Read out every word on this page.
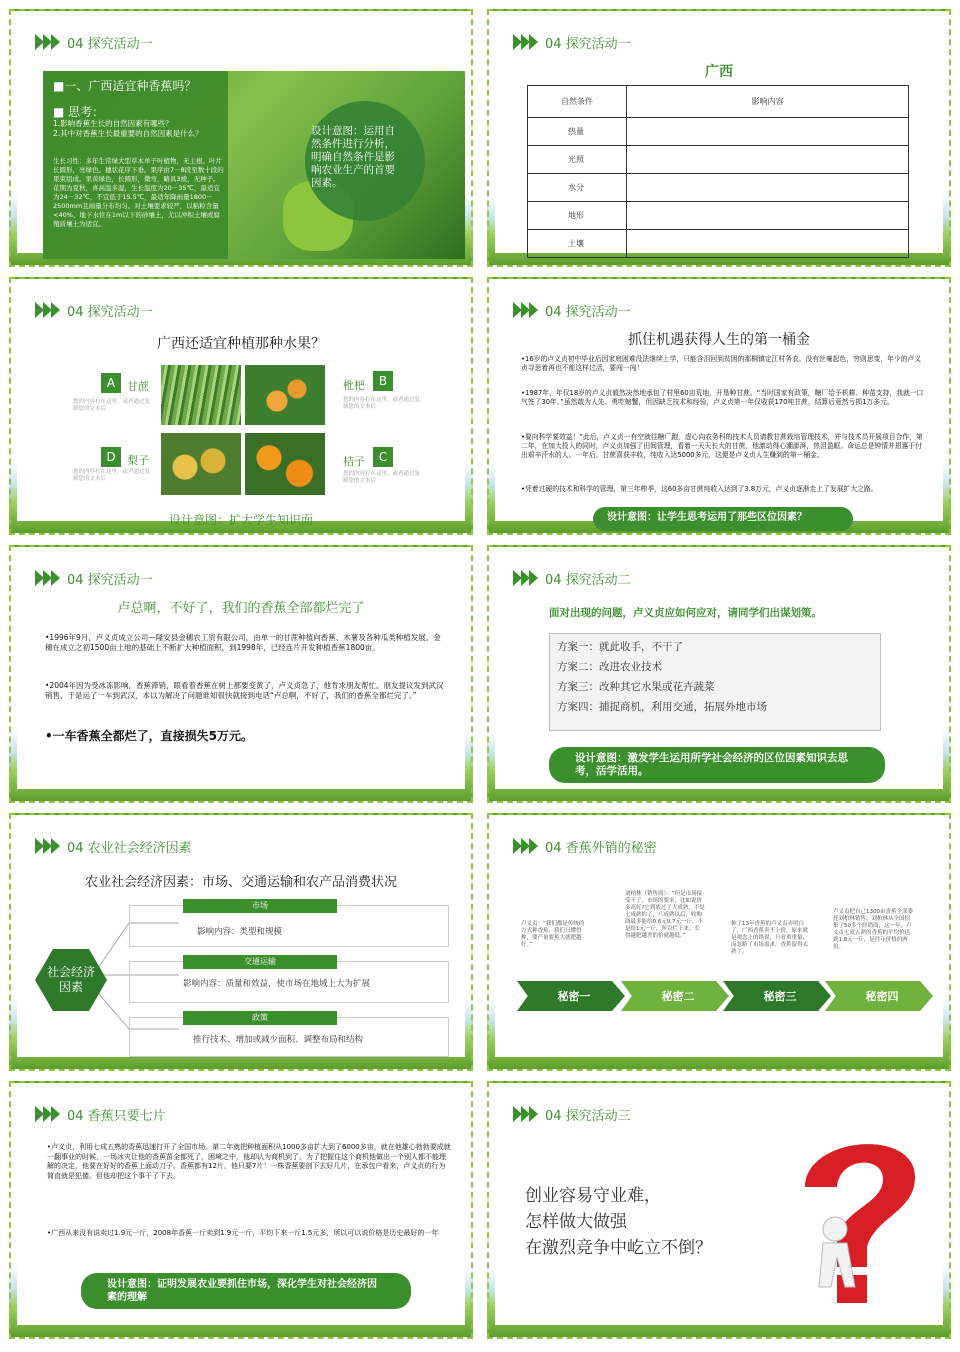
04 探究活动一
■一、广西适宜种香蕉吗？
■ 思考：
1.影响香蕉生长的自然因素有哪些？
2.其中对香蕉生长最重要的自然因素是什么？
生长习性：多年生常绿大型草本单子叶植物，无主根。叶片长圆形，亮绿色。穗状花序下垂。果序由7－8段至数十段的果束组成。果黄绿色，长圆形，微弯，略具3棱，无种子。花期为夏秋，喜高温多湿，生长温度为20－35℃，最适宜为24－32℃，不宜低于15.5℃，最适年降雨量1800－2500mm且雨量分布均匀。对土壤要求较严，以粘粒含量<40%、地下水位在1m以下的砂壤土，尤以冲积土壤或腐殖质壤土为适宜。
设计意图：运用自然条件进行分析，明确自然条件是影响农业生产的首要因素。
04 探究活动一
广西
自然条件	影响内容
热量	
光照	
水分	
地形	
土壤	
04 探究活动一
广西还适宜种植那种水果？
A	甘蔗
您的内容打在这里，或者通过复制您的文本后
枇杷	B
您的内容打在这里，或者通过复制您的文本后
D	梨子
您的内容打在这里，或者通过复制您的文本后
桔子	C
您的内容打在这里，或者通过复制您的文本后
设计意图：扩大学生知识面
04 探究活动一
抓住机遇获得人生的第一桶金
•16岁的卢义贞初中毕业后因家庭困难没法继续上学，只能含泪回到贫困的那桐镇定江村务农。没有丝毫起色，穷则思变，年少的卢义贞寻思着再也不能这样过活，要闯一闯！
•1987年，年仅18岁的卢义贞毅然决然地承包了村里60亩荒地，开垦种甘蔗。“当时国家有政策，糖厂给予机耕、种苗支持，我就一口气签了30年。”虽然敢为人先、勇吃螃蟹，但因缺乏技术和经验，卢义贞第一年仅收获170吨甘蔗，结算后竟然亏损1万多元。
•要向科学要效益！”此后，卢义贞一有空就往糖厂跑，虚心向农务科的技术人员请教甘蔗栽培管理技术，并与技术员开展项目合作，第二年，在加大投入的同时，卢义贞加强了田间管理，看着一天天长大的甘蔗，他激动得心潮澎湃，热泪盈眶。命运总是钟情并恩惠于付出艰辛汗水的人。一年后，甘蔗喜获丰收，纯收入达5000多元，这便是卢义贞人生赚到的第一桶金。
•凭着过硬的技术和科学的管理，第三年榨季，这60多亩甘蔗纯收入达到了3.8万元，卢义贞逐渐走上了发展扩大之路。
设计意图：让学生思考运用了那些区位因素？
04 探究活动一
卢总啊，不好了，我们的香蕉全部都烂完了
•1996年9月，卢义贞成立公司—隆安县金穗农工贸有限公司，由单一的甘蔗种植向香蕉、木薯及各种瓜类种植发展。金穗在成立之初1500亩土地的基础上不断扩大种植面积，到1998年，已经连片开发种植香蕉1800亩。
•2004年因为受冰冻影响，香蕉滞销，眼看着香蕉在树上都要变黄了，卢义贞急了，他肯求朋友帮忙。朋友提议发到武汉销售，于是运了一车到武汉，本以为解决了问题谁知很快就接到电话“卢总啊，不好了，我们的香蕉全都烂完了。”
•一车香蕉全都烂了，直接损失5万元。
04 探究活动二
面对出现的问题，卢义贞应如何应对，请同学们出谋划策。
方案一：就此收手，不干了
方案二：改进农业技术
方案三：改种其它水果或花卉蔬菜
方案四：捕捉商机，利用交通，拓展外地市场
设计意图：激发学生运用所学社会经济的区位因素知识去思考，活学活用。
04 农业社会经济因素
农业社会经济因素：市场、交通运输和农产品消费状况
社会经济因素
市场
影响内容：类型和规模
交通运输
影响内容：质量和效益，使市场在地域上大为扩展
政策
推行技术、增加或减少面积、调整布局和结构
04 香蕉外销的秘密
卢义贞：“我们都是传统的方式种香蕉，我们只懂得种，要产量要蕉大就肥越好。”
刘柏林（销售商）：“但是市场接受不了，市场的要求，比如说价多高好?它到底过了大成熟，不是七成熟的了，八成熟以后，收购商最多能给0.6元0.7元一斤，不是给1元一斤，所以烂下来，长得越肥越差的价就越低。”
种了13年香蕉的卢义贞弄明白了，广西香蕉卖不上价，原来就是观念上的错误，只看重重量，而忽略了市场需求，香蕉留得太熟了。
卢义贞把自己1300亩香蕉全部委托刘柏林销售，刘柏林从全国招集了50多个经销商，这一年，卢义贞七成五熟的香蕉的平均价达到1.8元一斤，是往年价格的两倍。
秘密一	秘密二	秘密三	秘密四
04 香蕉只要七片
•卢义贞，利用七成五熟的香蕉迅速打开了全国市场。第二年就把种植面积从1000多亩扩大到了6000多亩，就在他雄心勃勃要成就一翻事业的时候，一场冰灾让他的香蕉苗全都死了，困境之中，他却认为商机到了。为了把握住这个商机他做出一个别人都不能理解的决定，他要在好好的香蕉上面动刀子。香蕉都有12片，他只要7片！一株香蕉要剖下去好几片，在承包户看来，卢义贞的行为简直就是犯傻。但他却把这个事干了下去。
•广西从来没有说卖过1.9元一斤，2008年香蕉一斤卖到1.9元一斤，平均下来一斤1.5元多，所以可以说价格是历史最好的一年
设计意图：证明发展农业要抓住市场，深化学生对社会经济因素的理解
04 探究活动三
创业容易守业难，
怎样做大做强
在激烈竞争中屹立不倒？
